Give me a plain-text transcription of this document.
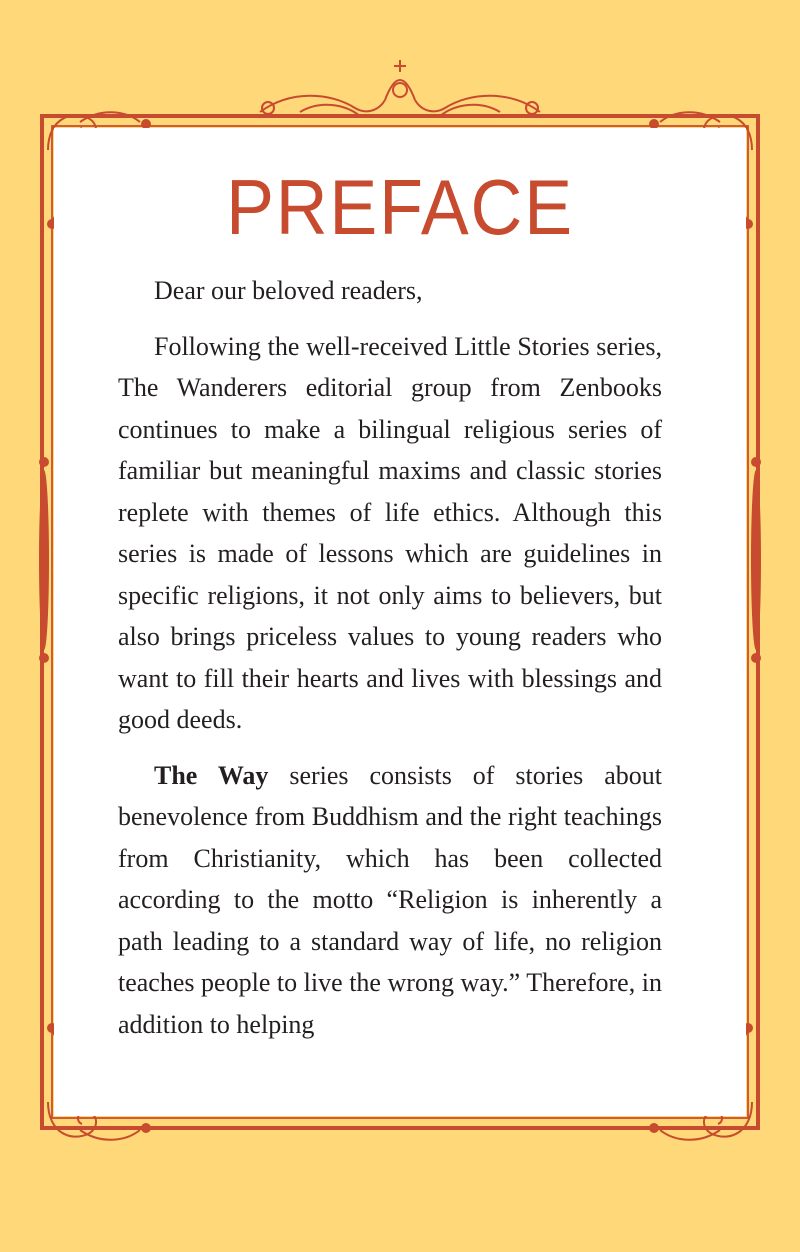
PREFACE

Dear our beloved readers,

Following the well-received Little Stories series, The Wanderers editorial group from Zenbooks continues to make a bilingual religious series of familiar but meaningful maxims and classic stories replete with themes of life ethics. Although this series is made of lessons which are guidelines in specific religions, it not only aims to believers, but also brings priceless values to young readers who want to fill their hearts and lives with blessings and good deeds.

The Way series consists of stories about benevolence from Buddhism and the right teachings from Christianity, which has been collected according to the motto “Religion is inherently a path leading to a standard way of life, no religion teaches people to live the wrong way.” Therefore, in addition to helping
